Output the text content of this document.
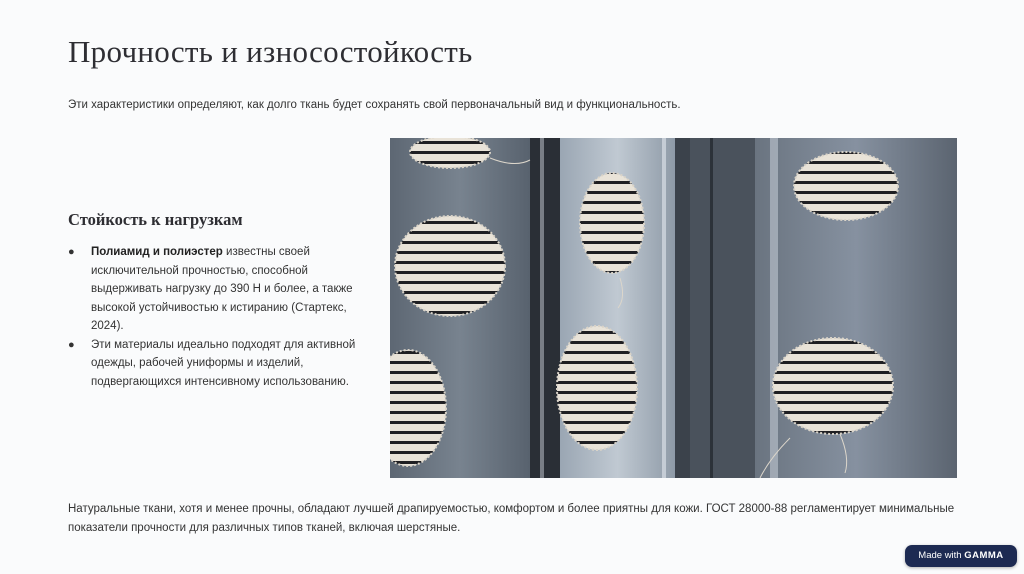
Прочность и износостойкость

Эти характеристики определяют, как долго ткань будет сохранять свой первоначальный вид и функциональность.

Стойкость к нагрузкам
● Полиамид и полиэстер известны своей исключительной прочностью, способной выдерживать нагрузку до 390 Н и более, а также высокой устойчивостью к истиранию (Стартекс, 2024).
● Эти материалы идеально подходят для активной одежды, рабочей униформы и изделий, подвергающихся интенсивному использованию.

Натуральные ткани, хотя и менее прочны, обладают лучшей драпируемостью, комфортом и более приятны для кожи. ГОСТ 28000-88 регламентирует минимальные показатели прочности для различных типов тканей, включая шерстяные.

Made with GAMMA
